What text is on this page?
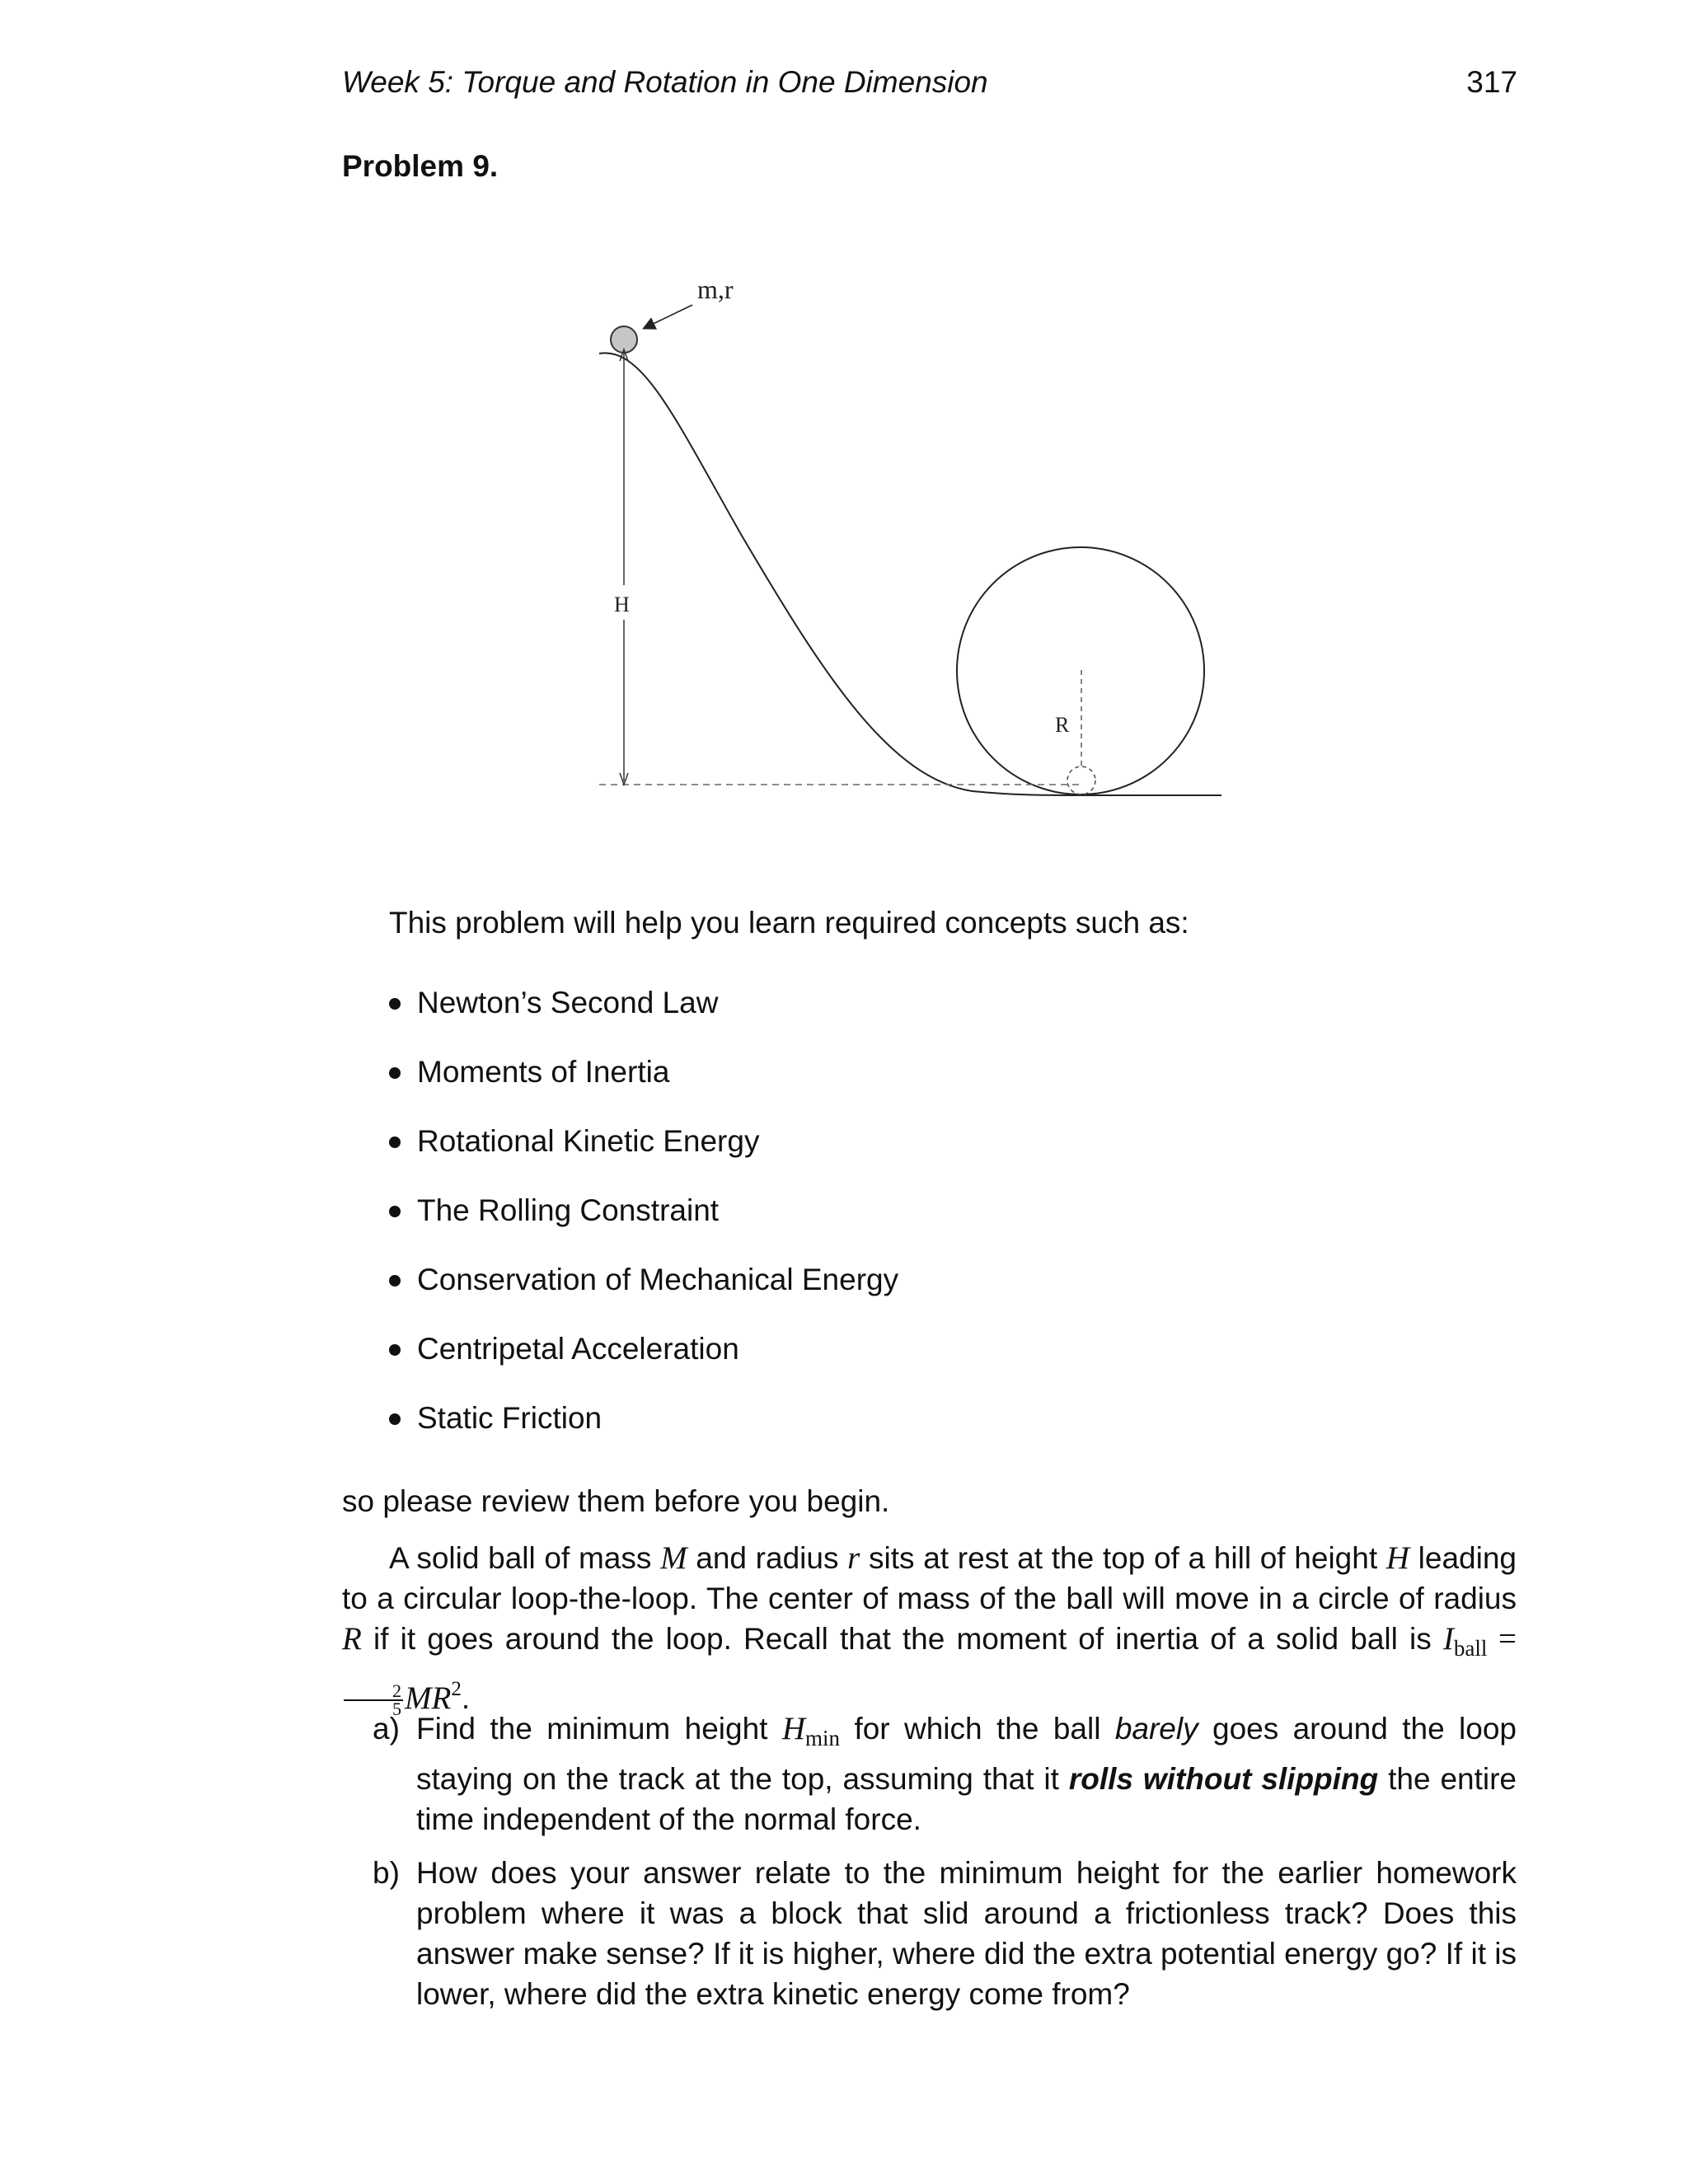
Week 5: Torque and Rotation in One Dimension	317
Problem 9.
m,r
H
R
This problem will help you learn required concepts such as:
Newton’s Second Law
Moments of Inertia
Rotational Kinetic Energy
The Rolling Constraint
Conservation of Mechanical Energy
Centripetal Acceleration
Static Friction
so please review them before you begin.
A solid ball of mass M and radius r sits at rest at the top of a hill of height H leading to a circular loop-the-loop. The center of mass of the ball will move in a circle of radius R if it goes around the loop. Recall that the moment of inertia of a solid ball is $I_{ball}$ =
$\frac{2}{5} MR^2$.
a) Find the minimum height $H_{min}$ for which the ball barely goes around the loop staying on the track at the top, assuming that it rolls without slipping the entire time independent of the normal force.
b) How does your answer relate to the minimum height for the earlier homework problem where it was a block that slid around a frictionless track? Does this answer make sense? If it is higher, where did the extra potential energy go? If it is lower, where did the extra kinetic energy come from?
